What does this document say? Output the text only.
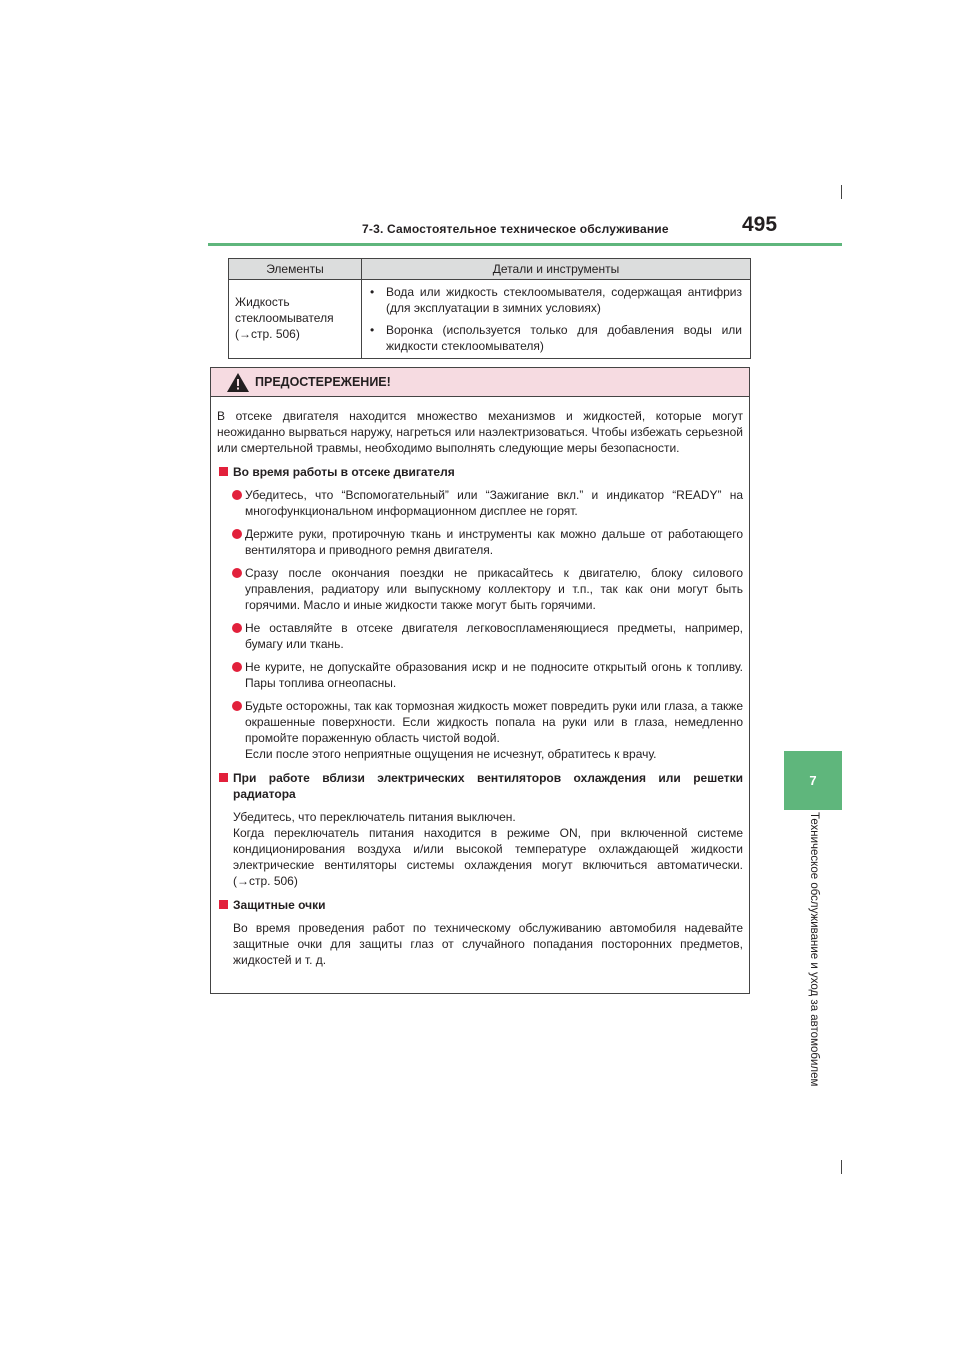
7-3. Самостоятельное техническое обслуживание	495
7
Техническое обслуживание и уход за автомобилем
Элементы	Детали и инструменты
Жидкость стеклоомывателя (→стр. 506)	• Вода или жидкость стеклоомывателя, содержащая антифриз (для эксплуатации в зимних условиях)
• Воронка (используется только для добавления воды или жидкости стеклоомывателя)
ПРЕДОСТЕРЕЖЕНИЕ!

В отсеке двигателя находится множество механизмов и жидкостей, которые могут неожиданно вырваться наружу, нагреться или наэлектризоваться. Чтобы избежать серьезной или смертельной травмы, необходимо выполнять следующие меры безопасности.

Во время работы в отсеке двигателя
Убедитесь, что “Вспомогательный” или “Зажигание вкл.” и индикатор “READY” на многофункциональном информационном дисплее не горят.
Держите руки, протирочную ткань и инструменты как можно дальше от работающего вентилятора и приводного ремня двигателя.
Сразу после окончания поездки не прикасайтесь к двигателю, блоку силового управления, радиатору или выпускному коллектору и т.п., так как они могут быть горячими. Масло и иные жидкости также могут быть горячими.
Не оставляйте в отсеке двигателя легковоспламеняющиеся предметы, например, бумагу или ткань.
Не курите, не допускайте образования искр и не подносите открытый огонь к топливу. Пары топлива огнеопасны.
Будьте осторожны, так как тормозная жидкость может повредить руки или глаза, а также окрашенные поверхности. Если жидкость попала на руки или в глаза, немедленно промойте пораженную область чистой водой.
Если после этого неприятные ощущения не исчезнут, обратитесь к врачу.
При работе вблизи электрических вентиляторов охлаждения или решетки радиатора

Убедитесь, что переключатель питания выключен.

Когда переключатель питания находится в режиме ON, при включенной системе кондиционирования воздуха и/или высокой температуре охлаждающей жидкости электрические вентиляторы системы охлаждения могут включиться автоматически. (→стр. 506)

Защитные очки

Во время проведения работ по техническому обслуживанию автомобиля надевайте защитные очки для защиты глаз от случайного попадания посторонних предметов, жидкостей и т. д.
